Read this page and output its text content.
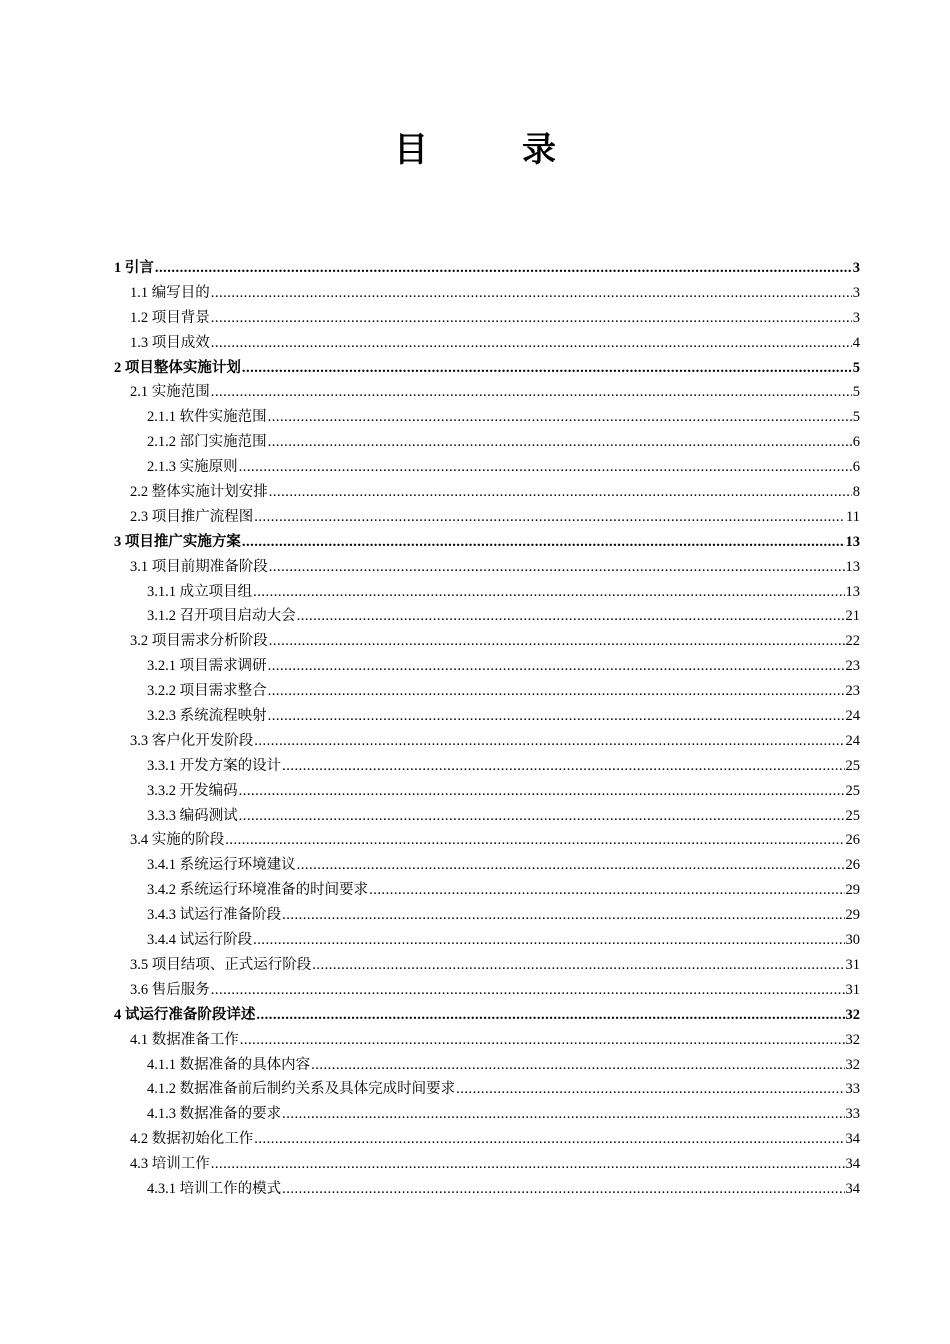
目　录
1 引言 .....	3
1.1 编写目的 .....	3
1.2 项目背景 .....	3
1.3 项目成效 .....	4
2 项目整体实施计划 .....	5
2.1 实施范围 .....	5
2.1.1 软件实施范围 .....	5
2.1.2 部门实施范围 .....	6
2.1.3 实施原则 .....	6
2.2 整体实施计划安排 .....	8
2.3 项目推广流程图 .....	11
3 项目推广实施方案 .....	13
3.1 项目前期准备阶段 .....	13
3.1.1 成立项目组 .....	13
3.1.2 召开项目启动大会 .....	21
3.2 项目需求分析阶段 .....	22
3.2.1 项目需求调研 .....	23
3.2.2 项目需求整合 .....	23
3.2.3 系统流程映射 .....	24
3.3 客户化开发阶段 .....	24
3.3.1 开发方案的设计 .....	25
3.3.2 开发编码 .....	25
3.3.3 编码测试 .....	25
3.4 实施的阶段 .....	26
3.4.1 系统运行环境建议 .....	26
3.4.2 系统运行环境准备的时间要求 .....	29
3.4.3 试运行准备阶段 .....	29
3.4.4 试运行阶段 .....	30
3.5 项目结项、正式运行阶段 .....	31
3.6 售后服务 .....	31
4 试运行准备阶段详述 .....	32
4.1 数据准备工作 .....	32
4.1.1 数据准备的具体内容 .....	32
4.1.2 数据准备前后制约关系及具体完成时间要求 .....	33
4.1.3 数据准备的要求 .....	33
4.2 数据初始化工作 .....	34
4.3 培训工作 .....	34
4.3.1 培训工作的模式 .....	34
